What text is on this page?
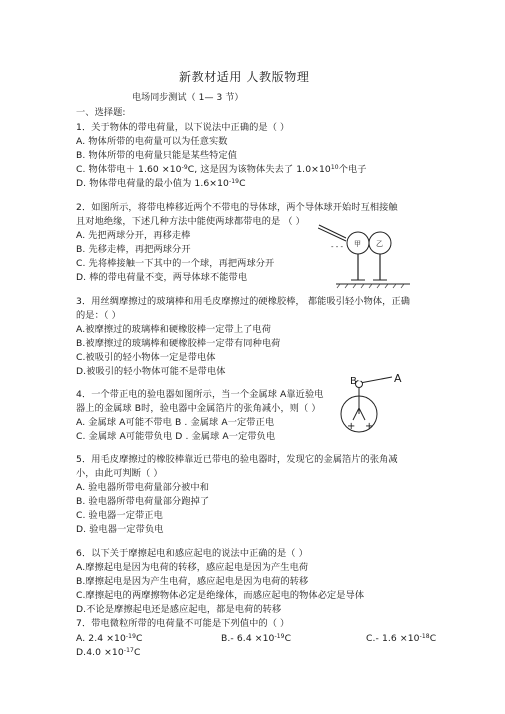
新教材适用 人教版物理
电场同步测试（ 1— 3 节）
一、选择题:
1．关于物体的带电荷量，以下说法中正确的是（ ）
A. 物体所带的电荷量可以为任意实数
B. 物体所带的电荷量只能是某些特定值
C. 物体带电＋ $1.60 \times 10^{-9}C$, 这是因为该物体失去了 $1.0\times 10^{10}$个电子
D. 物体带电荷量的最小值为 $1.6\times 10^{-19}C$
2．如图所示，将带电棒移近两个不带电的导体球，两个导体球开始时互相接触
且对地绝缘，下述几种方法中能使两球都带电的是 （ ）
A. 先把两球分开，再移走棒
B. 先移走棒，再把两球分开
C. 先将棒接触一下其中的一个球，再把两球分开
D. 棒的带电荷量不变，两导体球不能带电
- - - 甲 乙
3．用丝绸摩擦过的玻璃棒和用毛皮摩擦过的硬橡胶棒， 都能吸引轻小物体，正确
的是：（ ）
A.被摩擦过的玻璃棒和硬橡胶棒一定带上了电荷
B.被摩擦过的玻璃棒和硬橡胶棒一定带有同种电荷
C.被吸引的轻小物体一定是带电体
D.被吸引的轻小物体可能不是带电体
4．一个带正电的验电器如图所示，当一个金属球 A靠近验电
器上的金属球 B时，验电器中金属箔片的张角减小，则（ ）
A. 金属球 A可能不带电 B . 金属球 A一定带正电
C. 金属球 A可能带负电 D . 金属球 A一定带负电
A
B
+ +
5．用毛皮摩擦过的橡胶棒靠近已带电的验电器时，发现它的金属箔片的张角减
小，由此可判断（ ）
A. 验电器所带电荷量部分被中和
B. 验电器所带电荷量部分跑掉了
C. 验电器一定带正电
D. 验电器一定带负电
6．以下关于摩擦起电和感应起电的说法中正确的是（ ）
A.摩擦起电是因为电荷的转移，感应起电是因为产生电荷
B.摩擦起电是因为产生电荷，感应起电是因为电荷的转移
C.摩擦起电的两摩擦物体必定是绝缘体，而感应起电的物体必定是导体
D.不论是摩擦起电还是感应起电，都是电荷的转移
7．带电微粒所带的电荷量不可能是下列值中的（ ）
A. $2.4 \times 10^{-19}C$	B.- $6.4 \times 10^{-19}C$	C.- $1.6 \times 10^{-18}C$
$D.4.0 \times 10^{-17}C$
